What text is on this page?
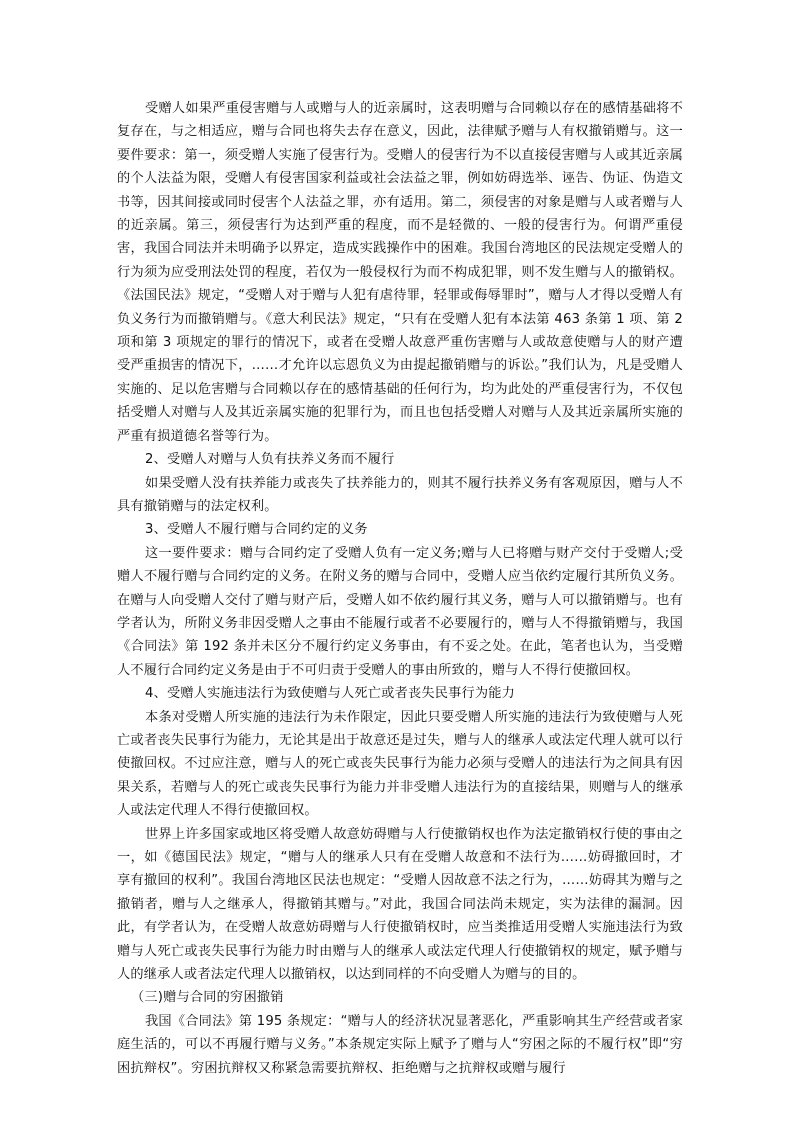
受赠人如果严重侵害赠与人或赠与人的近亲属时，这表明赠与合同赖以存在的感情基础将不复存在，与之相适应，赠与合同也将失去存在意义，因此，法律赋予赠与人有权撤销赠与。这一要件要求：第一，须受赠人实施了侵害行为。受赠人的侵害行为不以直接侵害赠与人或其近亲属的个人法益为限，受赠人有侵害国家利益或社会法益之罪，例如妨碍选举、诬告、伪证、伪造文书等，因其间接或同时侵害个人法益之罪，亦有适用。第二，须侵害的对象是赠与人或者赠与人的近亲属。第三，须侵害行为达到严重的程度，而不是轻微的、一般的侵害行为。何谓严重侵害，我国合同法并未明确予以界定，造成实践操作中的困难。我国台湾地区的民法规定受赠人的行为须为应受刑法处罚的程度，若仅为一般侵权行为而不构成犯罪，则不发生赠与人的撤销权。《法国民法》规定，“受赠人对于赠与人犯有虐待罪，轻罪或侮辱罪时”，赠与人才得以受赠人有负义务行为而撤销赠与。《意大利民法》规定，“只有在受赠人犯有本法第 463 条第 1 项、第 2 项和第 3 项规定的罪行的情况下，或者在受赠人故意严重伤害赠与人或故意使赠与人的财产遭受严重损害的情况下，……才允许以忘恩负义为由提起撤销赠与的诉讼。”我们认为，凡是受赠人实施的、足以危害赠与合同赖以存在的感情基础的任何行为，均为此处的严重侵害行为，不仅包括受赠人对赠与人及其近亲属实施的犯罪行为，而且也包括受赠人对赠与人及其近亲属所实施的严重有损道德名誉等行为。

2、受赠人对赠与人负有扶养义务而不履行

如果受赠人没有扶养能力或丧失了扶养能力的，则其不履行扶养义务有客观原因，赠与人不具有撤销赠与的法定权利。

3、受赠人不履行赠与合同约定的义务

这一要件要求：赠与合同约定了受赠人负有一定义务;赠与人已将赠与财产交付于受赠人;受赠人不履行赠与合同约定的义务。在附义务的赠与合同中，受赠人应当依约定履行其所负义务。在赠与人向受赠人交付了赠与财产后，受赠人如不依约履行其义务，赠与人可以撤销赠与。也有学者认为，所附义务非因受赠人之事由不能履行或者不必要履行的，赠与人不得撤销赠与，我国《合同法》第 192 条并未区分不履行约定义务事由，有不妥之处。在此，笔者也认为，当受赠人不履行合同约定义务是由于不可归责于受赠人的事由所致的，赠与人不得行使撤回权。

4、受赠人实施违法行为致使赠与人死亡或者丧失民事行为能力

本条对受赠人所实施的违法行为未作限定，因此只要受赠人所实施的违法行为致使赠与人死亡或者丧失民事行为能力，无论其是出于故意还是过失，赠与人的继承人或法定代理人就可以行使撤回权。不过应注意，赠与人的死亡或丧失民事行为能力必须与受赠人的违法行为之间具有因果关系，若赠与人的死亡或丧失民事行为能力并非受赠人违法行为的直接结果，则赠与人的继承人或法定代理人不得行使撤回权。

世界上许多国家或地区将受赠人故意妨碍赠与人行使撤销权也作为法定撤销权行使的事由之一，如《德国民法》规定，“赠与人的继承人只有在受赠人故意和不法行为……妨碍撤回时，才享有撤回的权利”。我国台湾地区民法也规定：“受赠人因故意不法之行为，……妨碍其为赠与之撤销者，赠与人之继承人，得撤销其赠与。”对此，我国合同法尚未规定，实为法律的漏洞。因此，有学者认为，在受赠人故意妨碍赠与人行使撤销权时，应当类推适用受赠人实施违法行为致赠与人死亡或丧失民事行为能力时由赠与人的继承人或法定代理人行使撤销权的规定，赋予赠与人的继承人或者法定代理人以撤销权，以达到同样的不向受赠人为赠与的目的。

（三)赠与合同的穷困撤销

我国《合同法》第 195 条规定：“赠与人的经济状况显著恶化，严重影响其生产经营或者家庭生活的，可以不再履行赠与义务。”本条规定实际上赋予了赠与人“穷困之际的不履行权”即“穷困抗辩权”。穷困抗辩权又称紧急需要抗辩权、拒绝赠与之抗辩权或赠与履行
